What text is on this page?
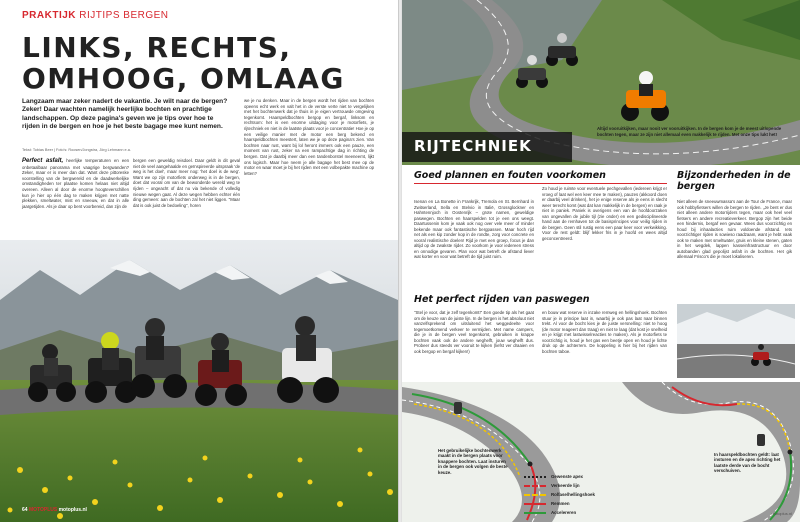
PRAKTIJK RIJTIPS BERGEN
LINKS, RECHTS, OMHOOG, OMLAAG
Langzaam maar zeker nadert de vakantie. Je wilt naar de bergen? Zeker! Daar wachten namelijk heerlijke bochten en prachtige landschappen. Op deze pagina's geven we je tips over hoe te rijden in de bergen en hoe je het beste bagage mee kunt nemen.
Tekst: Tobias Beer | Foto's: Roosen/Jongstra, Jörg Lehmann e.a.
Perfect asfalt, heerlijke temperaturen en een onbetaalbaar panorama met vaagrige bergwanden? Zeker, maar er is meer dan dat. Want deze pittoreske voorstelling van de bergwereld en de daadwerkelijke omstandigheden ter plaatse komen helaas niet altijd overeen. Alleen al door de enorme hoogteverschillen kun je hier op één dag te maken krijgen met natte plekken, smeltwater, mist en sneeuw, en dat in alle jaargetijden. Als je daar op bent voorbereid, dan zijn de
bergen een geweldig reisdoel. Daar geldt in dit geval niet de veel aangehaalde en geïnspireerde uitspraak 'de weg is het doel', maar meer nog: 'het doel is de weg'. Want we op zijn motorfiets onderweg is in de bergen, doet dat vooral om van de bewonderde wereld weg te rijden – ongeacht of dat nu via bekende of volledig nieuwe wegen gaat. Al deze wegen hebben echter één ding gemeen: aan de bochten zal het niet liggen. "Maar dat is ook juist de bedoeling", horen
we je nu denken. Maar in de bergen wordt het rijden van bochten opeens echt werk en valt het in de verste verte niet te vergelijken met het bochtenwerk dat je thuis in je eigen vertrouwde omgeving tegenkomt. Haarspeldbochten bergop en bergaf, linksom en rechtsom: het is een enorme uitdaging voor je motorfiets, je rijtechniek en niet in de laatste plaats voor je concentratie! Hoe je op een veilige manier met de motor een berg bekend en haarspeldbochten meestert, laten we je op deze pagina's zien. Van bochten naar rust, want bij lol heront immers ook een pauze, een moment van rust, zeker na een rampachtige dag in richting de bergen. Dat je daarbij meer dan een tandenborstel meeneemt, lijkt ons logisch. Maar hoe neem je alle bagage het best mee op de motor en waar moet je bij het rijden met een volbepakte machine op letten?
64 MOTOPLUS motoplus.nl
RIJTECHNIEK
Altijd vooruitkijken, maar nooit ver vooruitkijken. In de bergen kom je de meest uitlopende bochten tegen, maar ze zijn niet allemaal even makkelijk te rijden. Met onze tips lukt het!
Goed plannen en fouten voorkomen	Bijzonderheden in de bergen
Isenan en La Bonette in Frankrijk, Tremola en St. Bernhard in Zwitserland, Sella en Stelvio in Italië, Grossglockner en Hahntennjoch in Oostenrijk – grote namen, geweldige paswegen. Bochten en haarspelden tot je een ons weegt. Daartussenin kom je vaak ook nog over vele meer of minder bekende maar ook fantastische bergpassen. Maar hoch rijd net als een kip zonder kop in de rondte, zorg voor concrete en vooral realistische doelen! Rijd je met een groep, focus je dan altijd op de zwakste rijder. Zo voorkom je voor iedereen stress en onnodige gevaren. Plan voor wat betreft de afstand liever wat korter en voor wat betreft de tijd juist ruim.
Zo houd je ruimte voor eventuele pechgevallen (iedereen krijgt er vroeg of laat wel een keer mee te maken), pauzes (akkoord doen er daarbij veel drinken), het je enige reserve als je eens in slecht weer terecht komt (wat dat kan makkelijk in de bergen) en raak je niet in paniek. Paniek is overigens een van de hoofdoorzaken van ongevallen de jubile tijl (zie onder) en een gedisciplineerde hand aan de remhaven tot de basisprincipes voor veilig rijden in de bergen. Geen stil rustig eens een paar keer voor verkwikking. Voor de rest geldt: blijf lekker fris in je hoofd en wees altijd geconcentreerd.
Niet alleen de sneeuwmassa's aan de Tour de France, maar ook hobbyfietsers willen de bergen te rijden. „Je bent er dus niet alleen andere motorrijders tegen, maar ook heel veel fietsers en andere recreatieverkeer. Bergop zijn het beide een hindernis, bergaf een gevaar. Wees dus voorzichtig en houd bij inhaalacties ruim voldoende afstand. Iets voorzichtiger rijden is sowieso raadzaam, want je hebt vaak ook te maken met smeltwater, gruis en kleine stenen, gaten in het wegdek, lappen kasseinfrastructuur en door autobanden glad gepolijst asfalt in de bochten. Het gik allemaal Frisco's die je moet lokaliseren.
Het perfect rijden van paswegen
"Stel je voor, dat je zelf tegenkomt!" Een goede tip als het gaat om de keuze van de juiste lijn. In de bergen is het absoluut niet vanzelfsprekend om uitsluitend het weggedeelte voor tegemoetkomend verkeer te vermijden. Met name campers, die je in de bergen veel tegenkomt, gebruiken in krappe bochten vaak ook de andere weghelft, jouw weghelft dus. Probeer dus steeds ver vooruit te kijken (liefst ver draaien en ook bergop en bergaf kijken!)
en bouw wat reserve in inzake remweg en hellingshoek. Bochten stuur je in principe laat in, waarbij je ook pas laat naar binnen trekt. Al voor de bocht kies je de juiste versnelling: niet te hoog (de motor reageert dan traag) en niet te laag (dat kost je snelheid en je krijgt met lastwisselreacties te maken). Als je motorfiets te voorzichtig is, houd je het gas een beetje open en houd je lichte druk op de achterrem. De koppeling is hier bij het rijden van bochten taboe.
Het gebruikelijke bochtenwerk maakt in de bergen plaats voor knappere bochten. Laat insturen in de bergen ook volgen de beste keuze.
In haarspeldbochten geldt: laat insturen en de apex richting het laatste derde van de bocht verschuiven.
Gewenste apex
Verkeerde lijn
Rolfase/hellingshoek
Remmen
Accelereren	motoplus.nl
